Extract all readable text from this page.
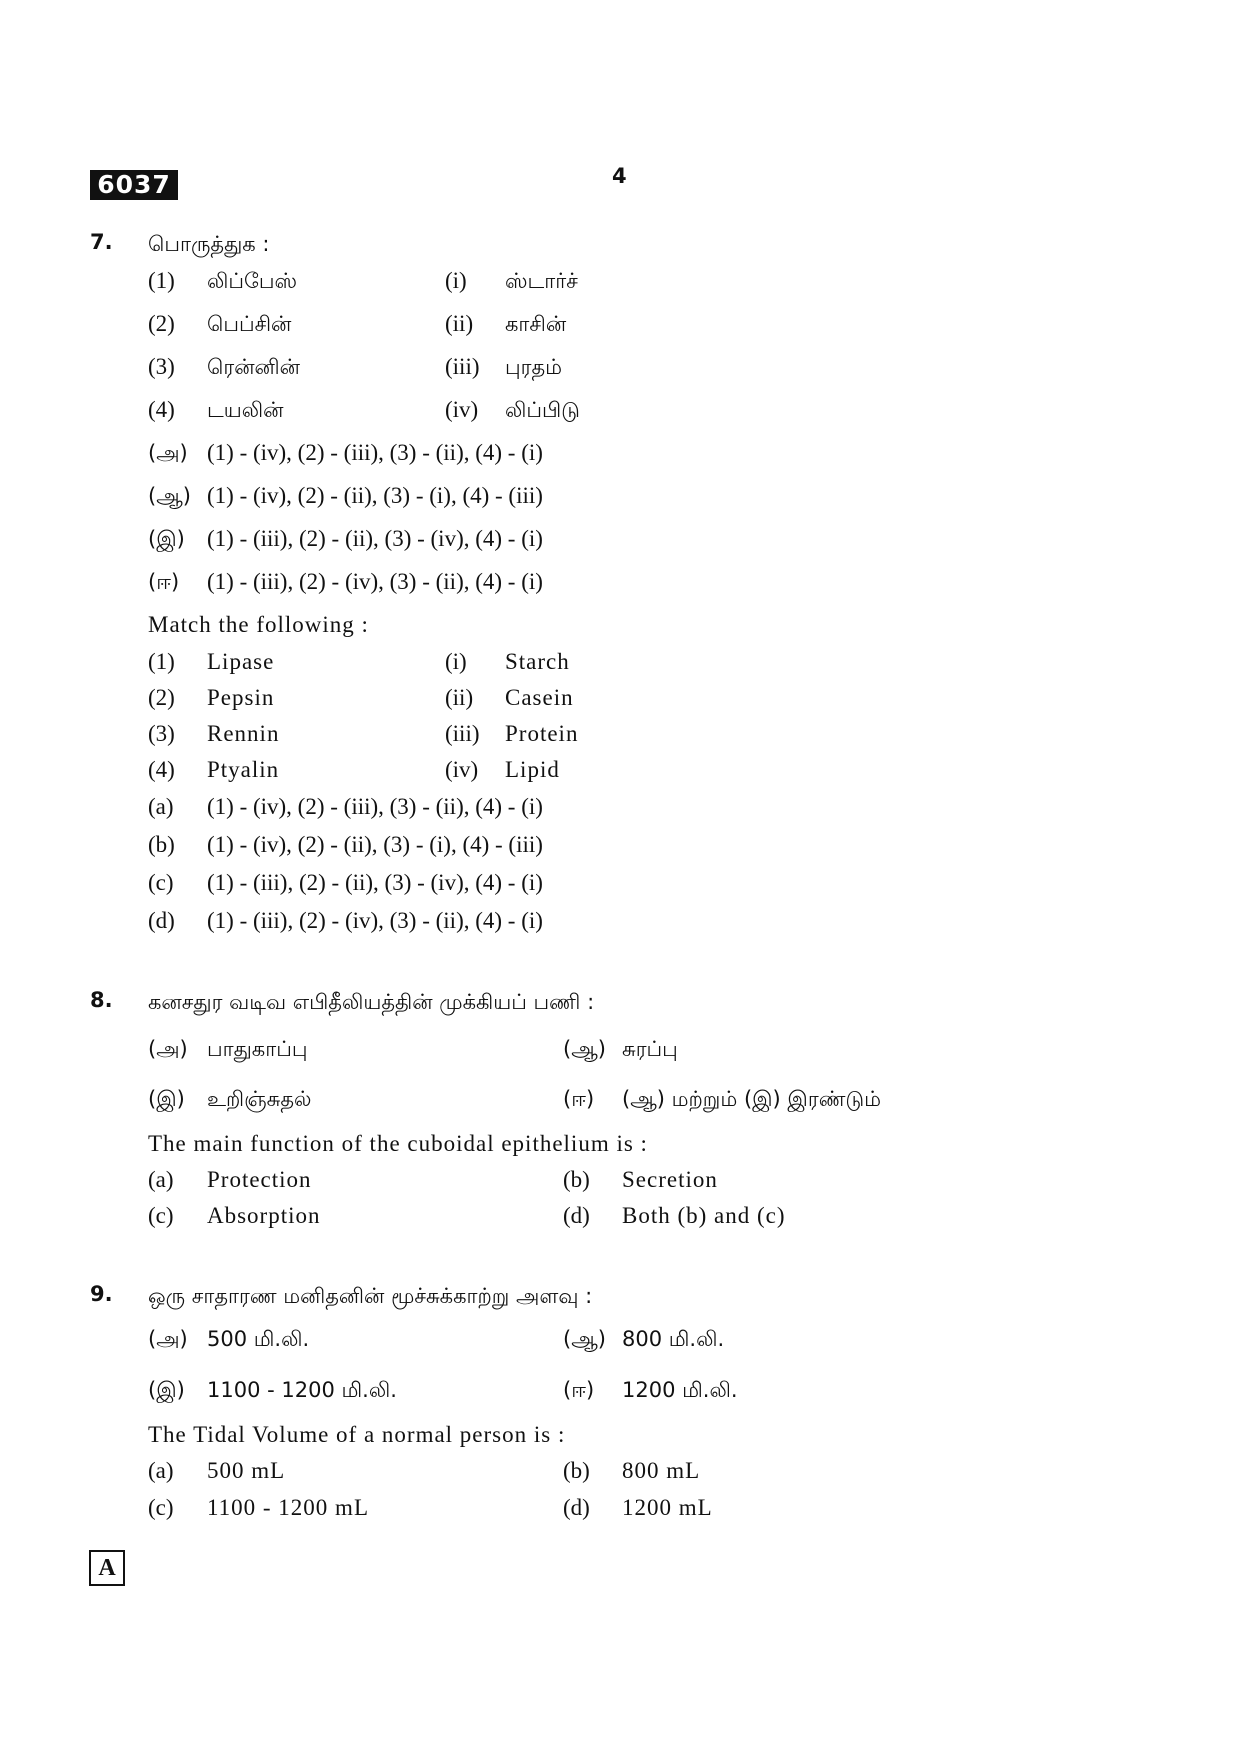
6037	4
7. பொருத்துக :
(1) லிப்பேஸ்	(i) ஸ்டார்ச்
(2) பெப்சின்	(ii) காசின்
(3) ரென்னின்	(iii) புரதம்
(4) டயலின்	(iv) லிப்பிடு
(அ) (1) - (iv), (2) - (iii), (3) - (ii), (4) - (i)
(ஆ) (1) - (iv), (2) - (ii), (3) - (i), (4) - (iii)
(இ) (1) - (iii), (2) - (ii), (3) - (iv), (4) - (i)
(ஈ) (1) - (iii), (2) - (iv), (3) - (ii), (4) - (i)
Match the following :
(1) Lipase	(i) Starch
(2) Pepsin	(ii) Casein
(3) Rennin	(iii) Protein
(4) Ptyalin	(iv) Lipid
(a) (1) - (iv), (2) - (iii), (3) - (ii), (4) - (i)
(b) (1) - (iv), (2) - (ii), (3) - (i), (4) - (iii)
(c) (1) - (iii), (2) - (ii), (3) - (iv), (4) - (i)
(d) (1) - (iii), (2) - (iv), (3) - (ii), (4) - (i)
8. கனசதுர வடிவ எபிதீலியத்தின் முக்கியப் பணி :
(அ) பாதுகாப்பு	(ஆ) சுரப்பு
(இ) உறிஞ்சுதல்	(ஈ) (ஆ) மற்றும் (இ) இரண்டும்
The main function of the cuboidal epithelium is :
(a) Protection	(b) Secretion
(c) Absorption	(d) Both (b) and (c)
9. ஒரு சாதாரண மனிதனின் மூச்சுக்காற்று அளவு :
(அ) 500 மி.லி.	(ஆ) 800 மி.லி.
(இ) 1100 - 1200 மி.லி.	(ஈ) 1200 மி.லி.
The Tidal Volume of a normal person is :
(a) 500 mL	(b) 800 mL
(c) 1100 - 1200 mL	(d) 1200 mL
A
